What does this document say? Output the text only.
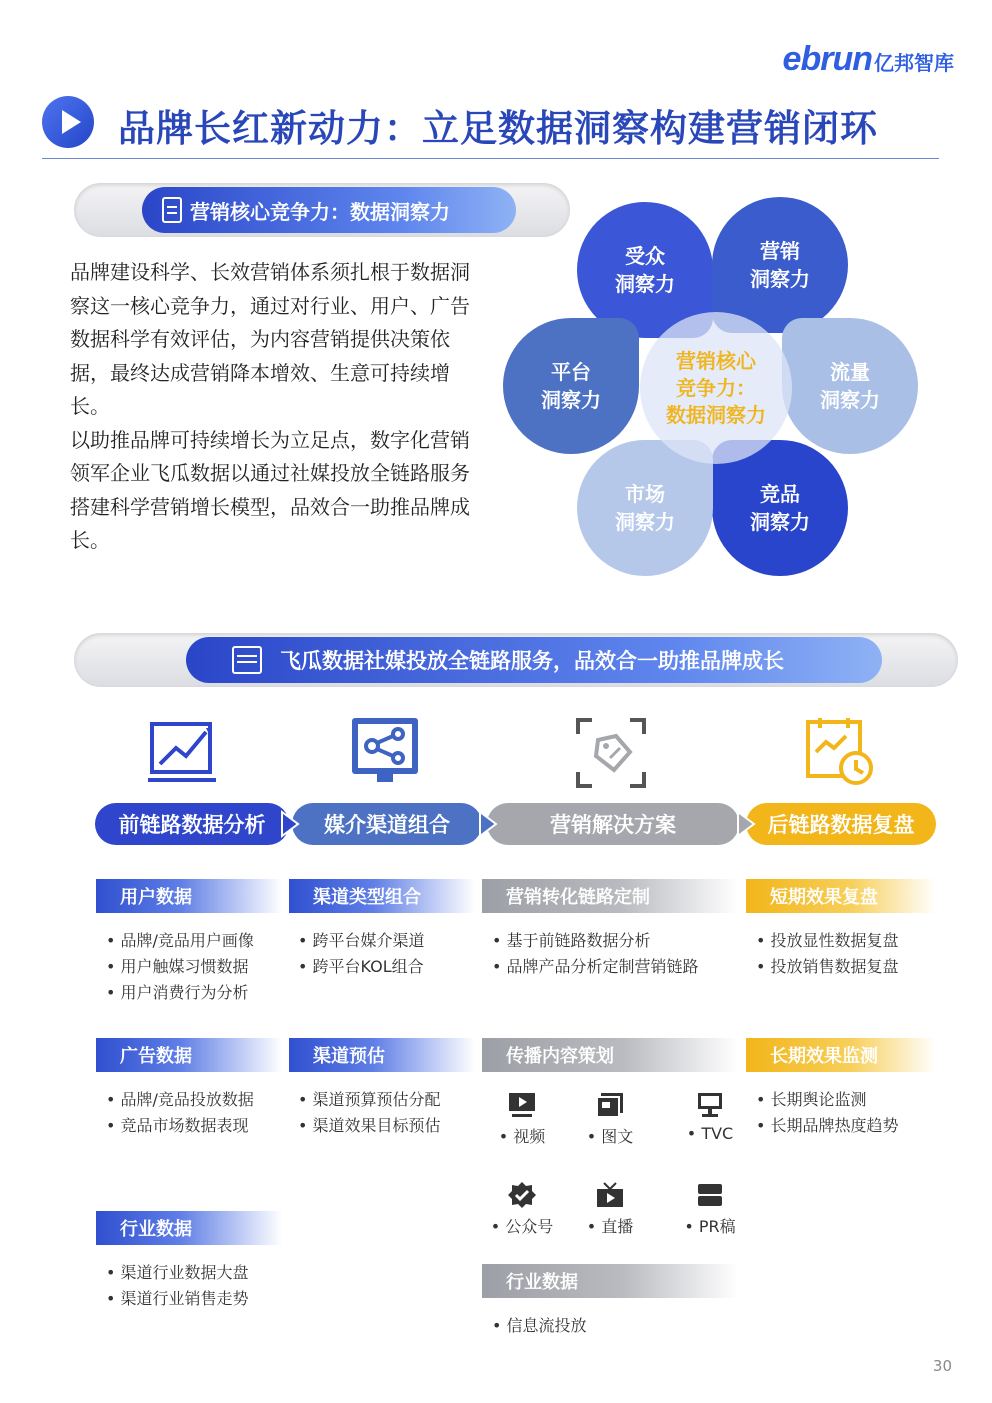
ebrun 亿邦智库
品牌长红新动力：立足数据洞察构建营销闭环
营销核心竞争力：数据洞察力

品牌建设科学、长效营销体系须扎根于数据洞察这一核心竞争力，通过对行业、用户、广告数据科学有效评估，为内容营销提供决策依据，最终达成营销降本增效、生意可持续增长。

以助推品牌可持续增长为立足点，数字化营销领军企业飞瓜数据以通过社媒投放全链路服务搭建科学营销增长模型，品效合一助推品牌成长。

受众
洞察力
营销
洞察力
流量
洞察力
竞品
洞察力
市场
洞察力
平台
洞察力
营销核心
竞争力：
数据洞察力
飞瓜数据社媒投放全链路服务，品效合一助推品牌成长
前链路数据分析	媒介渠道组合	营销解决方案	后链路数据复盘
用户数据
• 品牌/竞品用户画像
• 用户触媒习惯数据
• 用户消费行为分析
广告数据
• 品牌/竞品投放数据
• 竞品市场数据表现
行业数据
• 渠道行业数据大盘
• 渠道行业销售走势
渠道类型组合
• 跨平台媒介渠道
• 跨平台KOL组合
渠道预估
• 渠道预算预估分配
• 渠道效果目标预估
营销转化链路定制
• 基于前链路数据分析
• 品牌产品分析定制营销链路
传播内容策划
• 视频	• 图文	• TVC
• 公众号	• 直播	• PR稿
行业数据
• 信息流投放
短期效果复盘
• 投放显性数据复盘
• 投放销售数据复盘
长期效果监测
• 长期舆论监测
• 长期品牌热度趋势
30
